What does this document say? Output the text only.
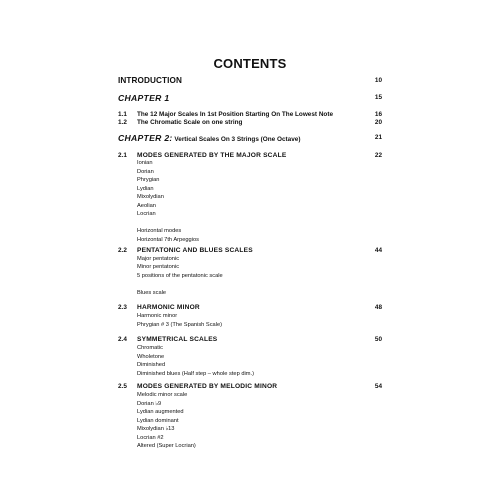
CONTENTS
INTRODUCTION	10
CHAPTER 1	15
1.1 The 12 Major Scales In 1st Position Starting On The Lowest Note	16
1.2 The Chromatic Scale on one string	20
CHAPTER 2: Vertical Scales On 3 Strings (One Octave)	21
2.1 MODES GENERATED BY THE MAJOR SCALE	22
Ionian
Dorian
Phrygian
Lydian
Mixolydian
Aeolian
Locrian
Horizontal modes
Horizontal 7th Arpeggios
2.2 PENTATONIC AND BLUES SCALES	44
Major pentatonic
Minor pentatonic
5 positions of the pentatonic scale
Blues scale
2.3 HARMONIC MINOR	48
Harmonic minor
Phrygian # 3 (The Spanish Scale)
2.4 SYMMETRICAL SCALES	50
Chromatic
Wholetone
Diminished
Diminished blues (Half step – whole step dim.)
2.5 MODES GENERATED BY MELODIC MINOR	54
Melodic minor scale
Dorian ♭9
Lydian augmented
Lydian dominant
Mixolydian ♭13
Locrian #2
Altered (Super Locrian)
